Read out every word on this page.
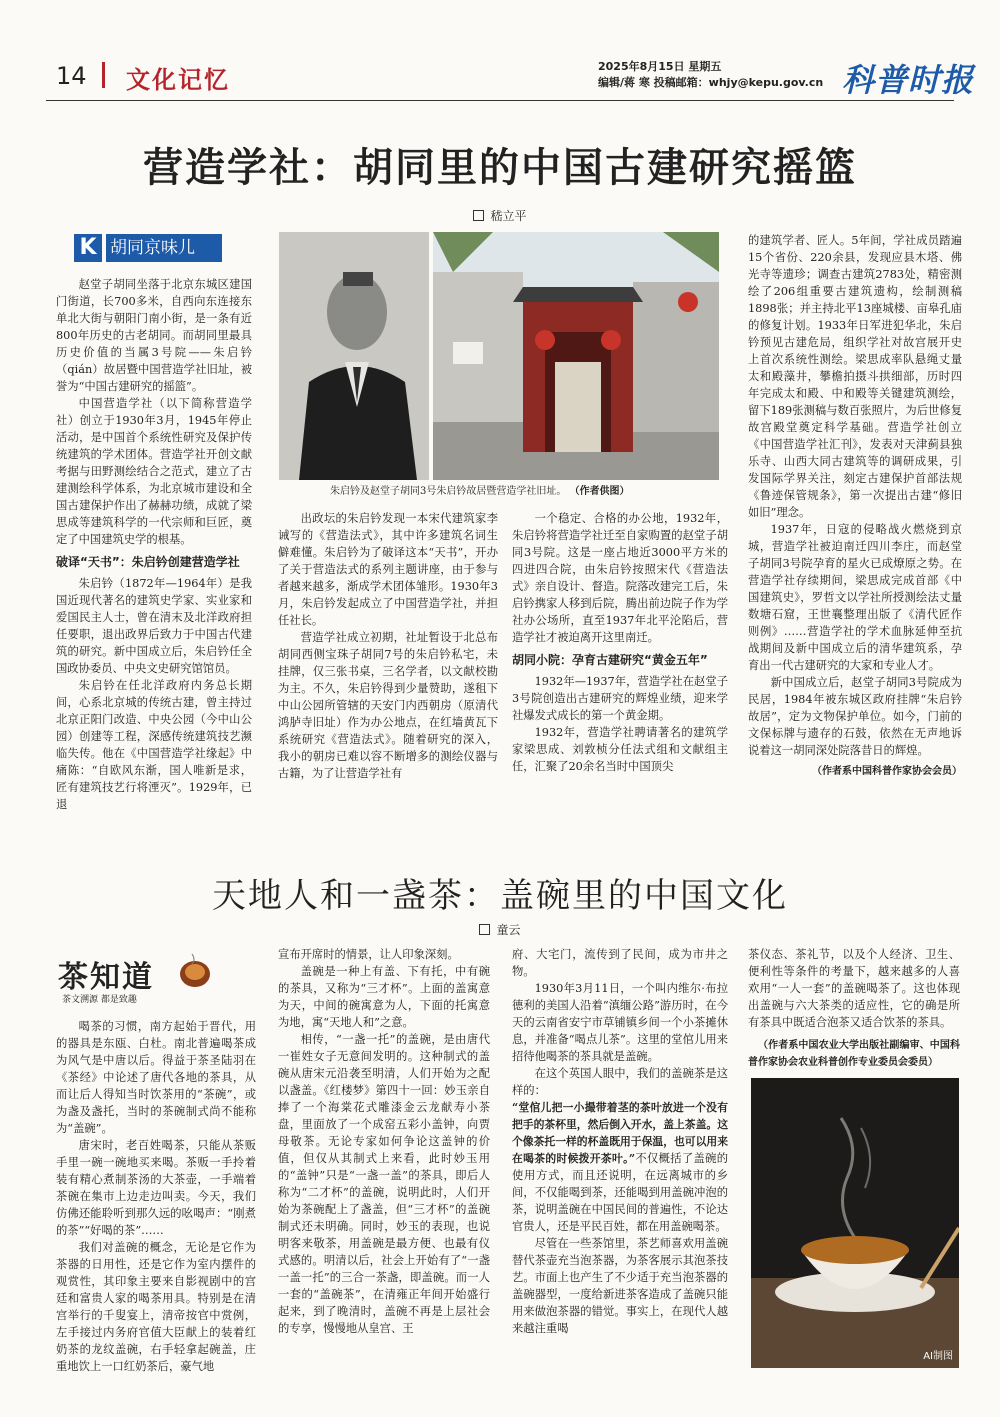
14 文化记忆	2025年8月15日 星期五
编辑/蒋 寒 投稿邮箱：whjy@kepu.gov.cn 科普时报
营造学社：胡同里的中国古建研究摇篮
嵇立平
K 胡同京味儿

赵堂子胡同坐落于北京东城区建国门街道，长700多米，自西向东连接东单北大街与朝阳门南小街，是一条有近800年历史的古老胡同。而胡同里最具历史价值的当属3号院——朱启钤（qián）故居暨中国营造学社旧址，被誉为“中国古建研究的摇篮”。

中国营造学社（以下简称营造学社）创立于1930年3月，1945年停止活动，是中国首个系统性研究及保护传统建筑的学术团体。营造学社开创文献考据与田野测绘结合之范式，建立了古建测绘科学体系，为北京城市建设和全国古建保护作出了赫赫功绩，成就了梁思成等建筑科学的一代宗师和巨匠，奠定了中国建筑史学的根基。

破译“天书”：朱启钤创建营造学社

朱启钤（1872年—1964年）是我国近现代著名的建筑史学家、实业家和爱国民主人士，曾在清末及北洋政府担任要职，退出政界后致力于中国古代建筑的研究。新中国成立后，朱启钤任全国政协委员、中央文史研究馆馆员。

朱启钤在任北洋政府内务总长期间，心系北京城的传统古建，曾主持过北京正阳门改造、中央公园（今中山公园）创建等工程，深感传统建筑技艺濒临失传。他在《中国营造学社缘起》中痛陈：“自欧风东渐，国人唯新是求，匠有建筑技艺行将湮灭”。1929年，已退

朱启钤及赵堂子胡同3号朱启钤故居暨营造学社旧址。 （作者供图）

出政坛的朱启钤发现一本宋代建筑家李诫写的《营造法式》，其中许多建筑名词生僻难懂。朱启钤为了破译这本“天书”，开办了关于营造法式的系列主题讲座，由于参与者越来越多，渐成学术团体雏形。1930年3月，朱启钤发起成立了中国营造学社，并担任社长。

营造学社成立初期，社址暂设于北总布胡同西侧宝珠子胡同7号的朱启钤私宅，未挂牌，仅三张书桌，三名学者，以文献校勘为主。不久，朱启钤得到少量赞助，遂租下中山公园所管辖的天安门内西朝房（原清代鸿胪寺旧址）作为办公地点，在红墙黄瓦下系统研究《营造法式》。随着研究的深入，我小的朝房已难以容不断增多的测绘仪器与古籍，为了让营造学社有

一个稳定、合格的办公地，1932年，朱启钤将营造学社迁至自家购置的赵堂子胡同3号院。这是一座占地近3000平方米的四进四合院，由朱启钤按照宋代《营造法式》亲自设计、督造。院落改建完工后，朱启钤携家人移到后院，腾出前边院子作为学社办公场所，直至1937年北平沦陷后，营造学社才被迫离开这里南迁。

胡同小院：孕育古建研究“黄金五年”

1932年—1937年，营造学社在赵堂子3号院创造出古建研究的辉煌业绩，迎来学社爆发式成长的第一个黄金期。

1932年，营造学社聘请著名的建筑学家梁思成、刘敦桢分任法式组和文献组主任，汇聚了20余名当时中国顶尖

的建筑学者、匠人。5年间，学社成员踏遍15个省份、220余县，发现应县木塔、佛光寺等遗珍；调查古建筑2783处，精密测绘了206组重要古建筑遗构，绘制测稿1898张；并主持北平13座城楼、亩皋孔庙的修复计划。1933年日军进犯华北，朱启钤预见古建危局，组织学社对故宫展开史上首次系统性测绘。梁思成率队悬绳丈量太和殿藻井，攀檐拍摄斗拱细部，历时四年完成太和殿、中和殿等关键建筑测绘，留下189张测稿与数百张照片，为后世修复故宫殿堂奠定科学基础。营造学社创立《中国营造学社汇刊》，发表对天津蓟县独乐寺、山西大同古建筑等的调研成果，引发国际学界关注，刻定古建保护首部法规《鲁迹保管规条》，第一次提出古建“修旧如旧”理念。

1937年，日寇的侵略战火燃烧到京城，营造学社被迫南迁四川李庄，而赵堂子胡同3号院孕育的星火已成燎原之势。在营造学社存续期间，梁思成完成首部《中国建筑史》，罗哲文以学社所授测绘法丈量数塘石窟，王世襄整理出版了《清代匠作则例》……营造学社的学术血脉延伸至抗战期间及新中国成立后的清华建筑系，孕育出一代古建研究的大家和专业人才。

新中国成立后，赵堂子胡同3号院成为民居，1984年被东城区政府挂牌“朱启钤故居”，定为文物保护单位。如今，门前的文保标牌与遗存的石鼓，依然在无声地诉说着这一胡同深处院落昔日的辉煌。

（作者系中国科普作家协会会员）

天地人和一盏茶：盖碗里的中国文化
童云
茶知道
茶文溯源 都是致趣

喝茶的习惯，南方起始于晋代，用的器具是东瓯、白杜。南北普遍喝茶成为风气是中唐以后。得益于茶圣陆羽在《茶经》中论述了唐代各地的茶具，从而让后人得知当时饮茶用的“茶碗”，或为盏及盏托，当时的茶碗制式尚不能称为“盖碗”。

唐宋时，老百姓喝茶，只能从茶贩手里一碗一碗地买来喝。茶贩一手拎着装有精心煮制茶汤的大茶壶，一手端着茶碗在集市上边走边叫卖。今天，我们仿佛还能聆听到那久远的吆喝声：“刚煮的茶”“好喝的茶”……

我们对盖碗的概念，无论是它作为茶器的日用性，还是它作为室内摆件的观赏性，其印象主要来自影视剧中的宫廷和富贵人家的喝茶用具。特别是在清宫举行的千叟宴上，清帝按官中赏例，左手接过内务府官值大臣献上的装着红奶茶的龙纹盖碗，右手轻拿起碗盖，庄重地饮上一口红奶茶后，豪气地

宣布开席时的情景，让人印象深刻。

盖碗是一种上有盖、下有托，中有碗的茶具，又称为“三才杯”。上面的盖寓意为天，中间的碗寓意为人，下面的托寓意为地，寓“天地人和”之意。

相传，“一盏一托”的盖碗，是由唐代一崔姓女子无意间发明的。这种制式的盖碗从唐宋元沿袭至明清，人们开始为之配以盏盖。《红楼梦》第四十一回：妙玉亲自捧了一个海棠花式雕漆金云龙献寿小茶盘，里面放了一个成窑五彩小盖钟，向贾母敬茶。无论专家如何争论这盖钟的价值，但仅从其制式上来看，此时妙玉用的“盖钟”只是“一盏一盖”的茶具，即后人称为“二才杯”的盖碗，说明此时，人们开始为茶碗配上了盏盖，但“三才杯”的盖碗制式还未明确。同时，妙玉的表现，也说明客来敬茶，用盖碗是最方便、也最有仪式感的。明清以后，社会上开始有了“一盏一盖一托”的三合一茶盏，即盖碗。而一人一套的“盖碗茶”，在清雍正年间开始盛行起来，到了晚清时，盖碗不再是上层社会的专享，慢慢地从皇宫、王

府、大宅门，流传到了民间，成为市井之物。

1930年3月11日，一个叫内维尔·布拉德利的美国人沿着“滇缅公路”游历时，在今天的云南省安宁市草铺镇乡间一个小茶摊休息，并准备“喝点儿茶”。这里的堂倌儿用来招待他喝茶的茶具就是盖碗。

在这个英国人眼中，我们的盖碗茶是这样的：

“堂倌儿把一小撮带着茎的茶叶放进一个没有把手的茶杯里，然后倒入开水，盖上茶盖。这个像茶托一样的杯盖既用于保温，也可以用来在喝茶的时候拨开茶叶。”不仅概括了盖碗的使用方式，而且还说明，在远离城市的乡间，不仅能喝到茶，还能喝到用盖碗冲泡的茶，说明盖碗在中国民间的普遍性，不论达官贵人，还是平民百姓，都在用盖碗喝茶。

尽管在一些茶馆里，茶艺师喜欢用盖碗替代茶壶充当泡茶器，为茶客展示其泡茶技艺。市面上也产生了不少适于充当泡茶器的盖碗器型，一度给新进茶客造成了盖碗只能用来做泡茶器的错觉。事实上，在现代人越来越注重喝

茶仪态、茶礼节，以及个人经济、卫生、便利性等条件的考量下，越来越多的人喜欢用“一人一套”的盖碗喝茶了。这也体现出盖碗与六大茶类的适应性，它的确是所有茶具中既适合泡茶又适合饮茶的茶具。

（作者系中国农业大学出版社副编审、中国科普作家协会农业科普创作专业委员会委员）

AI制图
